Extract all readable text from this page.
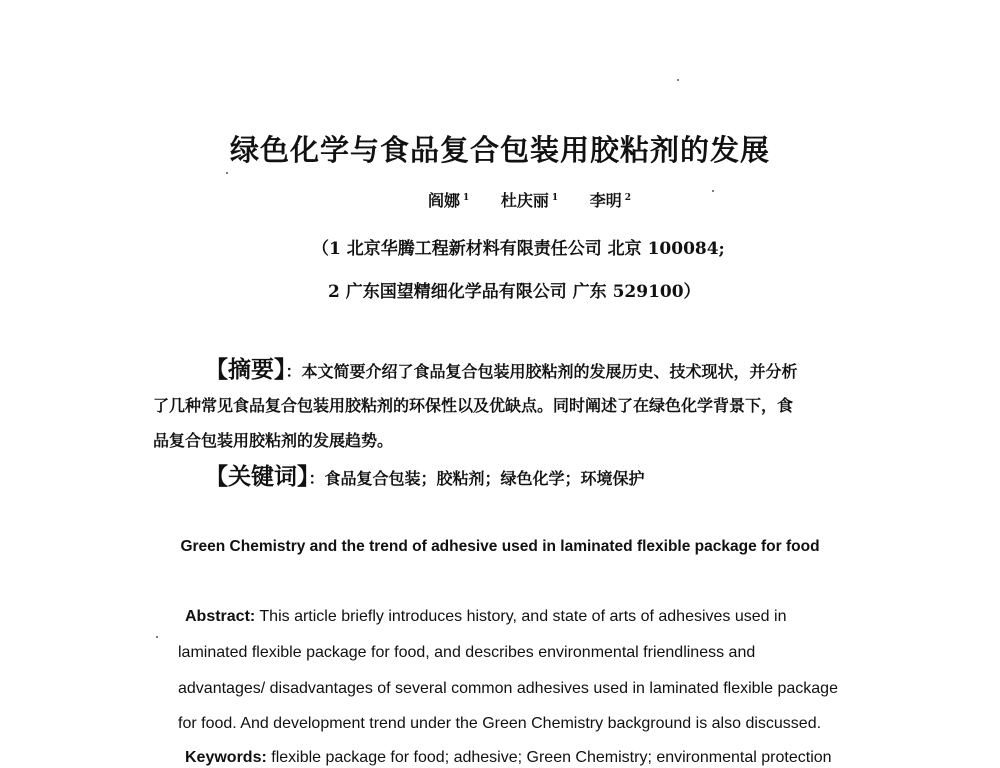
绿色化学与食品复合包装用胶粘剂的发展
阎娜 $^1$ 杜庆丽 $^1$ 李明 $^2$
（1 北京华腾工程新材料有限责任公司 北京 100084;
2 广东国望精细化学品有限公司 广东 529100）
【摘要】：本文简要介绍了食品复合包装用胶粘剂的发展历史、技术现状，并分析
了几种常见食品复合包装用胶粘剂的环保性以及优缺点。同时阐述了在绿色化学背景下，食
品复合包装用胶粘剂的发展趋势。
【关键词】：食品复合包装；胶粘剂；绿色化学；环境保护
Green Chemistry and the trend of adhesive used in laminated flexible package for food
Abstract: This article briefly introduces history, and state of arts of adhesives used in
laminated flexible package for food, and describes environmental friendliness and
advantages/ disadvantages of several common adhesives used in laminated flexible package
for food. And development trend under the Green Chemistry background is also discussed.
Keywords: flexible package for food; adhesive; Green Chemistry; environmental protection
